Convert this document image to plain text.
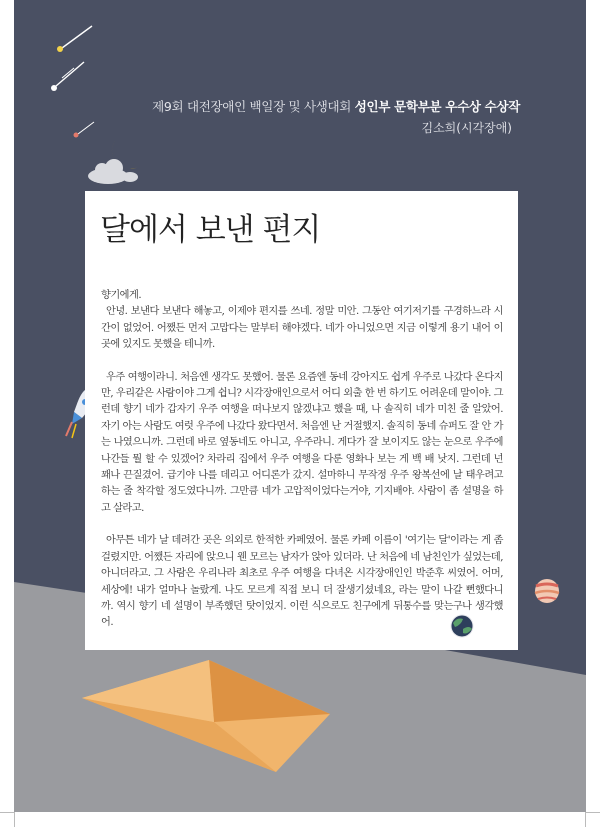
제9회 대전장애인 백일장 및 사생대회 성인부 문학부분 우수상 수상작
김소희(시각장애)
달에서 보낸 편지

향기에게.

안녕. 보낸다 보낸다 해놓고, 이제야 편지를 쓰네. 정말 미안. 그동안 여기저기를 구경하느라 시간이 없었어. 어쨌든 먼저 고맙다는 말부터 해야겠다. 네가 아니었으면 지금 이렇게 용기 내어 이곳에 있지도 못했을 테니까.

우주 여행이라니. 처음엔 생각도 못했어. 물론 요즘엔 동네 강아지도 쉽게 우주로 나갔다 온다지만, 우리같은 사람이야 그게 쉽니? 시각장애인으로서 어디 외출 한 번 하기도 어려운데 말이야. 그런데 향기 네가 갑자기 우주 여행을 떠나보지 않겠냐고 했을 때, 나 솔직히 네가 미친 줄 알았어. 자기 아는 사람도 여럿 우주에 나갔다 왔다면서. 처음엔 난 거절했지. 솔직히 동네 슈퍼도 잘 안 가는 나였으니까. 그런데 바로 옆동네도 아니고, 우주라니. 게다가 잘 보이지도 않는 눈으로 우주에 나간들 뭘 할 수 있겠어? 차라리 집에서 우주 여행을 다룬 영화나 보는 게 백 배 낫지. 그런데 넌 꽤나 끈질겼어. 급기야 나를 데리고 어디론가 갔지. 설마하니 무작정 우주 왕복선에 날 태우려고 하는 줄 착각할 정도였다니까. 그만큼 네가 고압적이었다는거야, 기지배야. 사람이 좀 설명을 하고 살라고.

아무튼 네가 날 데려간 곳은 의외로 한적한 카페였어. 물론 카페 이름이 '여기는 달'이라는 게 좀 걸렸지만. 어쨌든 자리에 앉으니 웬 모르는 남자가 앉아 있더라. 난 처음에 네 남친인가 싶었는데, 아니더라고. 그 사람은 우리나라 최초로 우주 여행을 다녀온 시각장애인인 박준후 씨였어. 어머, 세상에! 내가 얼마나 놀랐게. 나도 모르게 직접 보니 더 잘생기셨네요, 라는 말이 나갈 뻔했다니까. 역시 향기 네 설명이 부족했던 탓이었지. 이런 식으로도 친구에게 뒤통수를 맞는구나 생각했어.
